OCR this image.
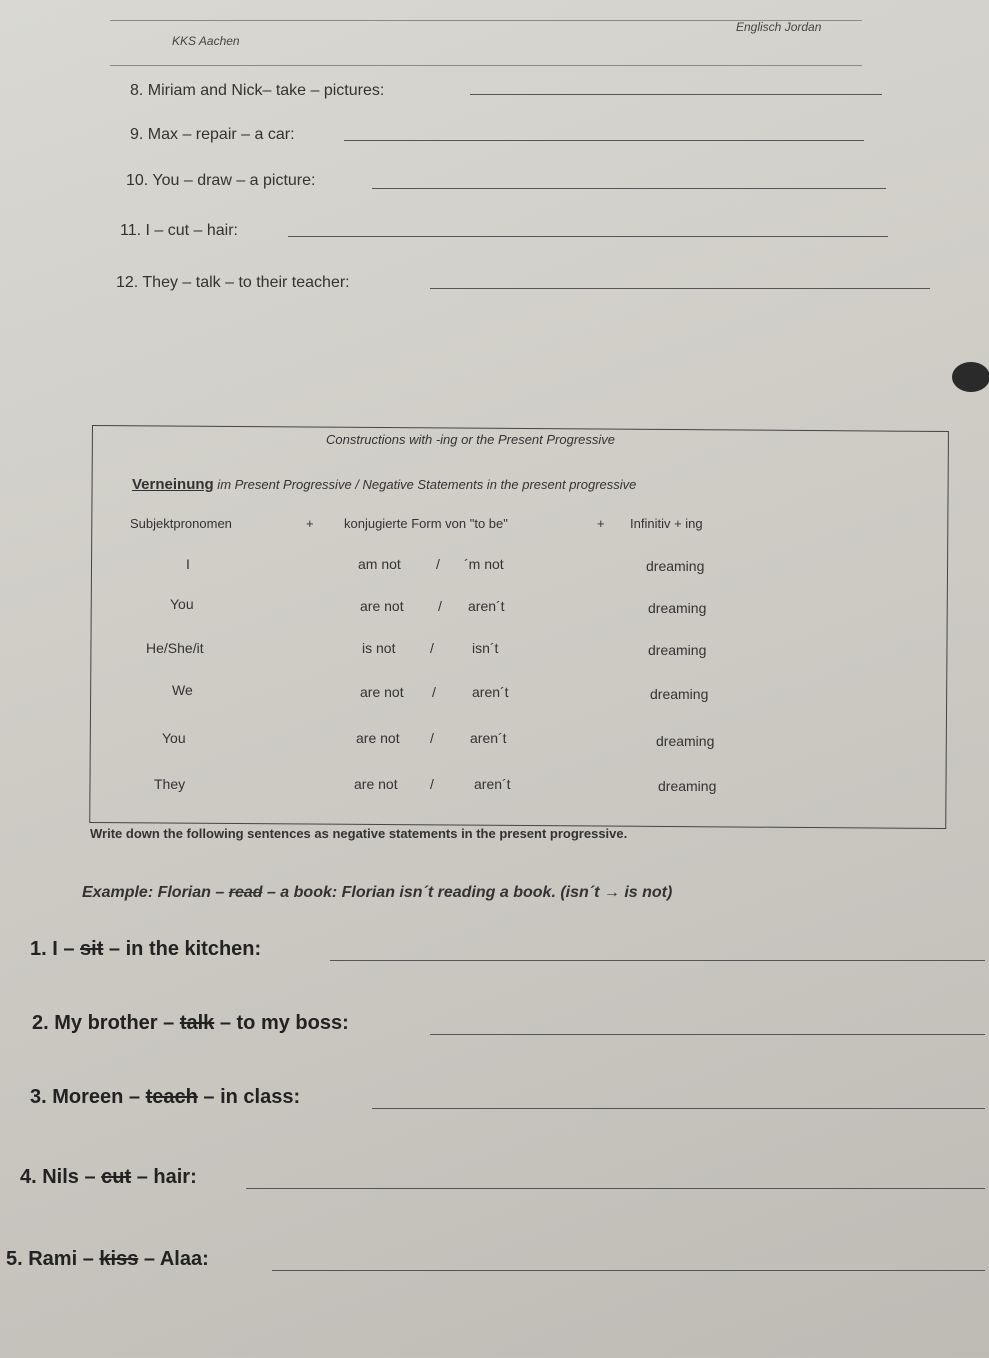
KKS Aachen
Englisch Jordan
8. Miriam and Nick– take – pictures:
9. Max – repair – a car:
10. You – draw – a picture:
11. I – cut – hair:
12. They – talk – to their teacher:
Constructions with -ing or the Present Progressive
Verneinung im Present Progressive / Negative Statements in the present progressive
Subjektpronomen	+ konjugierte Form von "to be"	+ Infinitiv + ing
I	am not	/ ´m not	dreaming
You	are not / aren´t	dreaming
He/She/it	is not /	isn´t	dreaming
We	are not /	aren´t	dreaming
You	are not /	aren´t	dreaming
They	are not /	aren´t	dreaming
Write down the following sentences as negative statements in the present progressive.
Example: Florian – read – a book: Florian isn´t reading a book. (isn´t → is not)
1. I – sit – in the kitchen:
2. My brother – talk – to my boss:
3. Moreen – teach – in class:
4. Nils – cut – hair:
5. Rami – kiss – Alaa:
